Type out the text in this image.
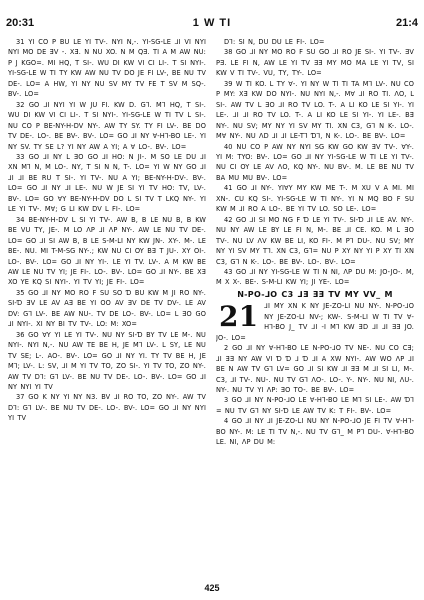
20:31	1 W TI	21:4

31 YI CO P BU LE YI TV-. NYI N,-. YI-SG-LE ⅃I VI NYI NYI MO DE ƎV -. XƎ. N NU XO. N M QƎ. TI A M AW NU: P J KGO=. MI HQ, T SI-. WU DI KW VI CI LI-. T SI NYI-. YI-SG-LE W TI TY KW AW NU TV DO JE FI LV-, BE NU TV DE-. LO= A HW, YI NY NU SV MY TV FE T SV M SQ-. BV-. LO=

32 GO ⅃I NYI YI W JU FI. KW D. G⅂. M⅂ HQ, T SI-. WU DI KW VI CI LI-. T SI NYI-. YI-SG-LE W TI TV L SI-. NU CO P BE-NY-H-DV NY-. AW TY SY. TY FI LV-. BE DO TV DE-. LO-. BE BV-. BV-. LO= GO ⅃I NY ∀-H⅂-BO LE-. YI NY SV. TY SE L? YI NY AW A YI; A ∀ LO-. BV-. LO=

33 GO ⅃I NY L ƎO GO ⅃I HO: N JI-. M SO LE DU ⅃I XN M⅂ N, M LO-. NY, T SI N N, T-. LO= YI W NY GO ⅃I ⅃I ⅃I BE RU T SI-. YI TV-. NU A YI; BE-NY-H-DV-. BV-. LO= GO ⅃I NY ⅃I LE-. NU W JE SI YI TV HO: TV, LV-. BV-. LO= GO ∀Y BE-NY-H-DV DO L SI TV T LKQ NY-. YI LE YI TV-. M∀; G LI KW DV L FI-. LO=

34 BE-NY-H-DV L SI YI TV-. AW B, B LE NU B, B KW BE VU TY, JE-. M LO ɅP ⅃I ɅP NY-. AW LE NU TV DE-. LO= GO ⅃I SI AW B, B LE S-M-LI NY KW JN-. XY-. M-. LE BE-. NU. MI T-M-SG NY-.; KW NU CI OY BƎ T JU-. XY OI-. LO-. BV-. LO= GO ⅃I NY YI-. LE YI TV. LV-. A M KW BE AW LE NU TV YI; JE FI-. LO-. BV-. LO= GO ⅃I NY-. BE XƎ XO YE KQ SI NYI-. YI TV YI; JE FI-. LO=

35 GO ⅃I NY MO RO F SU SO Ɗ BU KW M JI RO NY-. SI-Ɗ ƎV LE AV AƎ BE YI OO AV ƎV DE TV DV-. LE AV DV: G⅂ LV-. BE AW NU-. TV DE LO-. BV-. LO= L ƎO GO ⅃I NYI-. XI NY BI TV TV-. LO: M: XO=

36 GO ∀Y YI LE YI TV-. NU NY SI-Ɗ BY TV LE M-. NU NYI-. NYI N,-. NU AW TE BE H, JE M⅂ LV-. L SY, LE NU TV SE; L-. AO-. BV-. LO= GO ⅃I NY YI. TY TV BE H, JE M⅂; LV-. L: SV, ⅃I M YI TV TO, ZO SI-. YI TV TO, ZO NY-. AW TV D⅂: G⅂ LV-. BE NU TV DE-. LO-. BV-. LO= GO ⅃I NY NYI YI TV

37 GO K NY YI NY N3. BV ⅃I RO TO, ZO NY-. AW TV D⅂: G⅂ LV-. BE NU TV DE-. LO-. BV-. LO= GO ⅃I NY NYI YI TV

D⅂: SI N, DU DU LE FI-. LO=

38 GO ⅃I NY MO RO F SU GO ⅃I RO JE SI-. YI TV-. ƎV PƎ. LE FI N, AW LE YI TV ƎƎ MY MO MA LE YI TV, SI KW V TI TV-. VU, TY, TY-. LO=

39 W TI KO. L TY ∀-. YI NY W TI TI TA M⅂ LV-. NU CO P MY: XƎ KW DO NYI-. NU NYI N,-. M∀ ⅃I RO TI. ɅO, L SI-. AW TV L ƎO ⅃I RO TV LO. T-. A LI KO LE SI YI-. YI LE-. ⅃I ⅃I RO TV LO. T-. A LI KO LE SI YI-. YI LE-. BƎ NY-. NU SV; MY NY YI SV MY TI. XN C3, G⅂ N K-. LO-. M∀ NY-. NU ɅD ⅃I ⅃I LE-T⅂ Ɗ⅂, N K-. LO-. BE BV-. LO=

40 NU CO P AW NY NYI SG KW GO KW ƎV TV-. ∀Y-. YI M: TYO: BV-. LO= GO ⅃I NY YI-SG-LE W TI LE YI TV-. NU CI OY LE AV ɅO, KQ NY-. NU BV-. M. LE BE NU TV BA MU MU BV-. LO=

41 GO ⅃I NY-. YI∀Y MY KW ME T-. M XU V A MI. MI XN-. CU KQ SI-. YI-SG-LE W TI NY-. YI N MQ BO F SU KW M ⅃I RO A LO-. BE YI TV LO. SO LE-. LO=

42 GO ⅃I SI MO NG F Ɗ LE YI TV-. SI-Ɗ ⅃I LE AV. NY-. NU NY AW LE BY LE FI N, M-. BE ⅃I CE. KO. M L ƎO TV-. NU LV ɅV KW BE LI, KO FI-. M P⅂ DU-. NU SV; MY NY YI SV MY T⅂. XN C3, G⅂= NU P XY NY YI P XY TI XN C3, G⅂ N K-. LO-. BE BV-. LO-. BV-. LO=

43 GO ⅃I NY YI-SG-LE W TI N NI, ɅP DU M: JO-JO-. M, M X X-. BE-. S-M-LI KW YI; JI YE-. LO=

N-PO-⅃O C3 ⅃Ǝ ƎƎ TV MY VV_ M
21 ⅃I MY XN K NY JE-ZO-LI NU NY-. N-PO-⅃O NY JE-ZO-LI NV-; KW-. S-M-LI W TI TV ∀-H⅂-BO J_ TV ⅃I -I M⅂ KW ƎD ⅃I ⅃I ƎƎ JO. JO-. LO=

2 GO ⅃I NY ∀-H⅂-BO LE N-PO-⅃O TV NE-. NU CO CƎ; ⅃I ƎƎ NY AW VI Ɗ Ɗ ⅃ Ɗ ⅃I A XW NYI-. AW WO ɅP ⅃I BE N AW TV G⅂ LV= GO ⅃I SI KW ⅃I ƎƎ M ⅃I SI LI, M-. C3, ⅃I TV-. NU-. NU TV G⅂ ɅO-. LO-. Y-. NY-. NU NI, ɅU-. NY-. NU TV YI ɅP: ƎO TO-. BE BV-. LO=

3 GO ⅃I NY N-PO-⅃O LE ∀-H⅂-BO LE M⅂ SI LE-. AW Ɗ⅂ = NU TV G⅂ NY SI-Ɗ LE AW TV K: T FI-. BV-. LO=

4 GO ⅃I NY ⅃I JE-ZO-LI NU NY N-PO-⅃O JE FI TV ∀-H⅂-BO NY-. M: LE TI TV N,-. NU TV G⅂_ M P⅂ DU-. ∀-H⅂-BO LE. NI, ɅP DU M:

425
